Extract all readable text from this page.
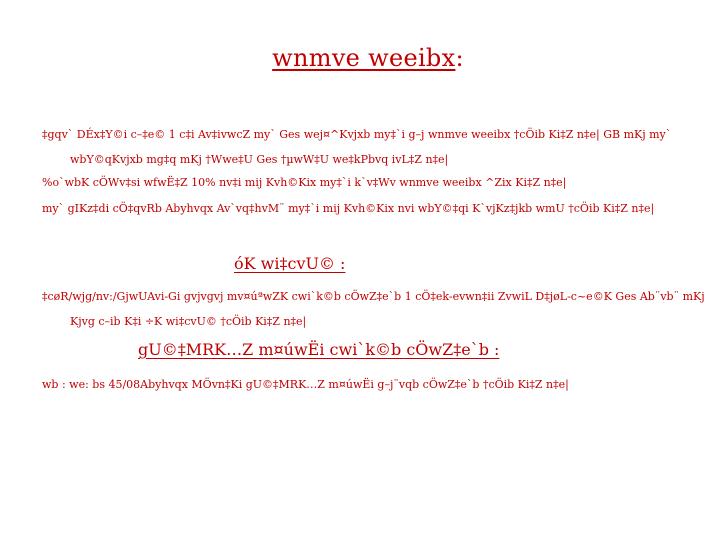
wnmve weeibx:

‡gqv` DÉx‡Y©i c–‡e© 1 c‡i Av‡ivwcZ my` Ges wej¤^Kvjxb my‡`i g–j wnmve weeibx †cÖib Ki‡Z n‡e| GB mKj my` wbY©qKvjxb mg‡q mKj †Wwe‡U Ges †µwW‡U we‡kPbvq ivL‡Z n‡e|

%o`wbK cÖWv‡si wfwË‡Z 10% nv‡i mij Kvh©Kix my‡`i k`v‡Wv wnmve weeibx ^Zix Ki‡Z n‡e|

my` gIKz‡di cÖ‡qvRb Abyhvqx Av`vq‡hvM¨ my‡`i mij Kvh©Kix nvi wbY©‡qi K`vjKz‡jkb wmU †cÖib Ki‡Z n‡e|

óK wi‡cvU© :

‡cøR/wjg/nv:/GjwUAvi-Gi gvjvgvj mv¤úªwZK cwi`k©b cÖwZ‡e`b 1 cÖ‡ek-evwn‡ii ZvwiL D‡jøL-c~e©K Ges Ab¨vb¨ mKj Kjvg c–ib K‡i ÷K wi‡cvU© †cÖib Ki‡Z n‡e|

gU©‡MRK…Z m¤úwËi cwi`k©b cÖwZ‡e`b :

wb : we: bs 45/08Abyhvqx MÖvn‡Ki gU©‡MRK…Z m¤úwËi g–j¨vqb cÖwZ‡e`b †cÖib Ki‡Z n‡e|
